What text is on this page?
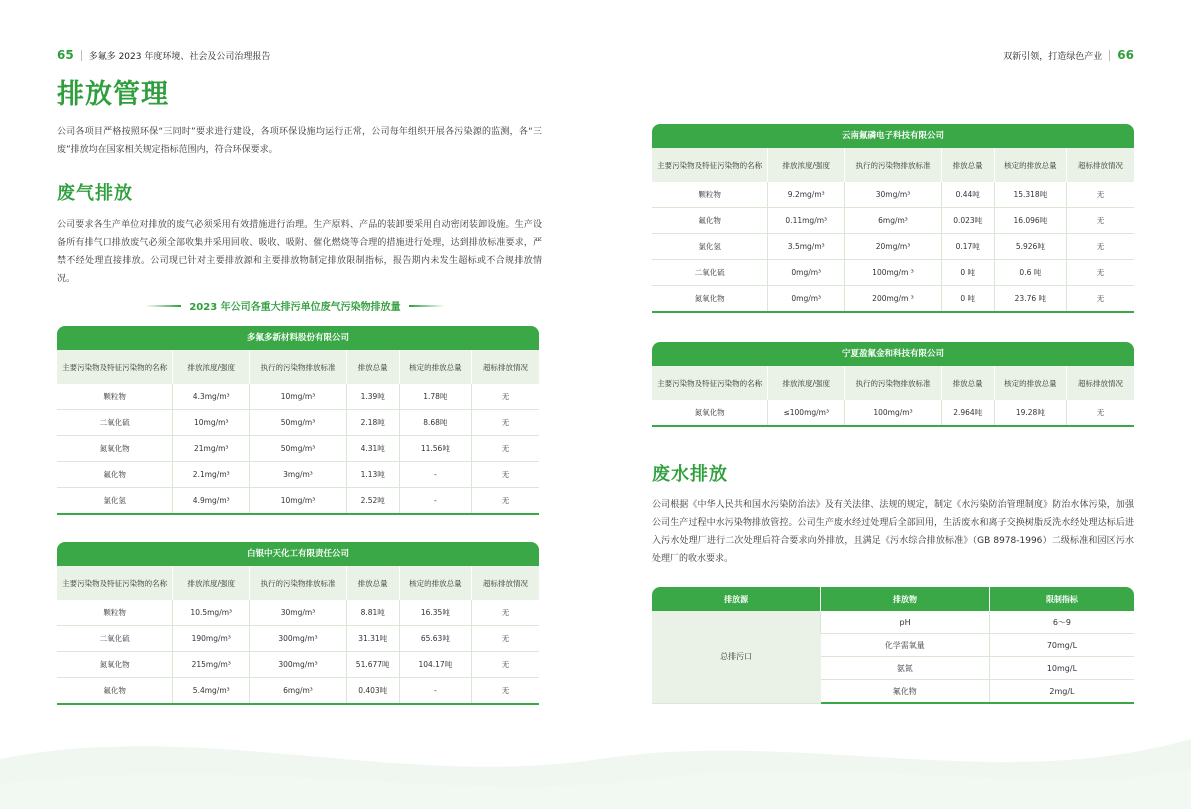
65 多氟多 2023 年度环境、社会及公司治理报告
排放管理

公司各项目严格按照环保“三同时”要求进行建设，各项环保设施均运行正常，公司每年组织开展各污染源的监测，各“三废”排放均在国家相关规定指标范围内，符合环保要求。

废气排放

公司要求各生产单位对排放的废气必须采用有效措施进行治理。生产原料、产品的装卸要采用自动密闭装卸设施。生产设备所有排气口排放废气必须全部收集并采用回收、吸收、吸附、催化燃烧等合理的措施进行处理，达到排放标准要求，严禁不经处理直接排放。公司现已针对主要排放源和主要排放物制定排放限制指标，报告期内未发生超标或不合规排放情况。

2023 年公司各重大排污单位废气污染物排放量
多氟多新材料股份有限公司
主要污染物及特征污染物的名称	排放浓度/强度	执行的污染物排放标准	排放总量	核定的排放总量	超标排放情况
颗粒物	4.3mg/m³	10mg/m³	1.39吨	1.78吨	无
二氧化硫	10mg/m³	50mg/m³	2.18吨	8.68吨	无
氮氧化物	21mg/m³	50mg/m³	4.31吨	11.56吨	无
氟化物	2.1mg/m³	3mg/m³	1.13吨	-	无
氯化氢	4.9mg/m³	10mg/m³	2.52吨	-	无
白银中天化工有限责任公司
主要污染物及特征污染物的名称	排放浓度/强度	执行的污染物排放标准	排放总量	核定的排放总量	超标排放情况
颗粒物	10.5mg/m³	30mg/m³	8.81吨	16.35吨	无
二氧化硫	190mg/m³	300mg/m³	31.31吨	65.63吨	无
氮氧化物	215mg/m³	300mg/m³	51.677吨	104.17吨	无
氟化物	5.4mg/m³	6mg/m³	0.403吨	-	无
双新引领，打造绿色产业 66
云南氟磷电子科技有限公司
主要污染物及特征污染物的名称	排放浓度/强度	执行的污染物排放标准	排放总量	核定的排放总量	超标排放情况
颗粒物	9.2mg/m³	30mg/m³	0.44吨	15.318吨	无
氟化物	0.11mg/m³	6mg/m³	0.023吨	16.096吨	无
氯化氢	3.5mg/m³	20mg/m³	0.17吨	5.926吨	无
二氧化硫	0mg/m³	100mg/m ³	0 吨	0.6 吨	无
氮氧化物	0mg/m³	200mg/m ³	0 吨	23.76 吨	无
宁夏盈氟金和科技有限公司
主要污染物及特征污染物的名称	排放浓度/强度	执行的污染物排放标准	排放总量	核定的排放总量	超标排放情况
氮氧化物	≤100mg/m³	100mg/m³	2.964吨	19.28吨	无
废水排放

公司根据《中华人民共和国水污染防治法》及有关法律、法规的规定，制定《水污染防治管理制度》防治水体污染，加强公司生产过程中水污染物排放管控。公司生产废水经过处理后全部回用，生活废水和离子交换树脂反洗水经处理达标后进入污水处理厂进行二次处理后符合要求向外排放，且满足《污水综合排放标准》（GB 8978-1996）二级标准和园区污水处理厂的收水要求。

排放源	排放物	限制指标
总排污口	pH	6～9
	化学需氧量	70mg/L
	氨氮	10mg/L
	氟化物	2mg/L
